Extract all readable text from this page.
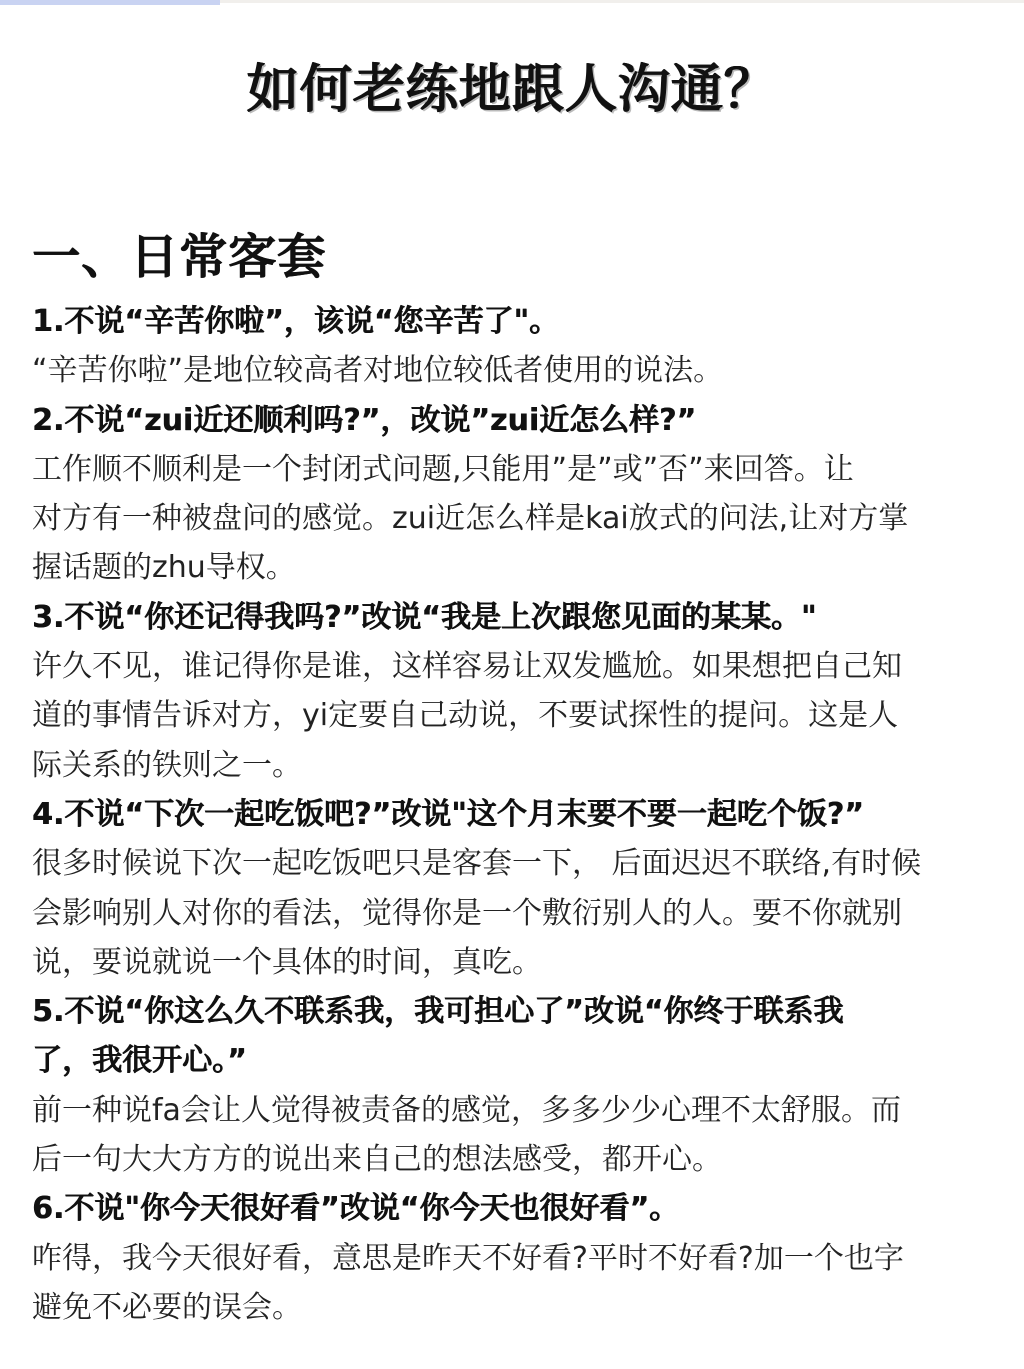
如何老练地跟人沟通？
一、日常客套

1.不说“辛苦你啦”，该说“您辛苦了"。

“辛苦你啦”是地位较高者对地位较低者使用的说法。

2.不说“zui近还顺利吗?”，改说”zui近怎么样?”

工作顺不顺利是一个封闭式问题,只能用”是”或”否”来回答。让

对方有一种被盘问的感觉。zui近怎么样是kai放式的问法,让对方掌

握话题的zhu导权。

3.不说“你还记得我吗?”改说“我是上次跟您见面的某某。"

许久不见，谁记得你是谁，这样容易让双发尴尬。如果想把自己知

道的事情告诉对方，yi定要自己动说，不要试探性的提问。这是人

际关系的铁则之一。

4.不说“下次一起吃饭吧?”改说"这个月末要不要一起吃个饭?”

很多时候说下次一起吃饭吧只是客套一下， 后面迟迟不联络,有时候

会影响别人对你的看法，觉得你是一个敷衍别人的人。要不你就别

说，要说就说一个具体的时间，真吃。

5.不说“你这么久不联系我，我可担心了”改说“你终于联系我

了，我很开心。”

前一种说fa会让人觉得被责备的感觉，多多少少心理不太舒服。而

后一句大大方方的说出来自己的想法感受，都开心。

6.不说"你今天很好看”改说“你今天也很好看”。

咋得，我今天很好看，意思是昨天不好看?平时不好看?加一个也字

避免不必要的误会。
